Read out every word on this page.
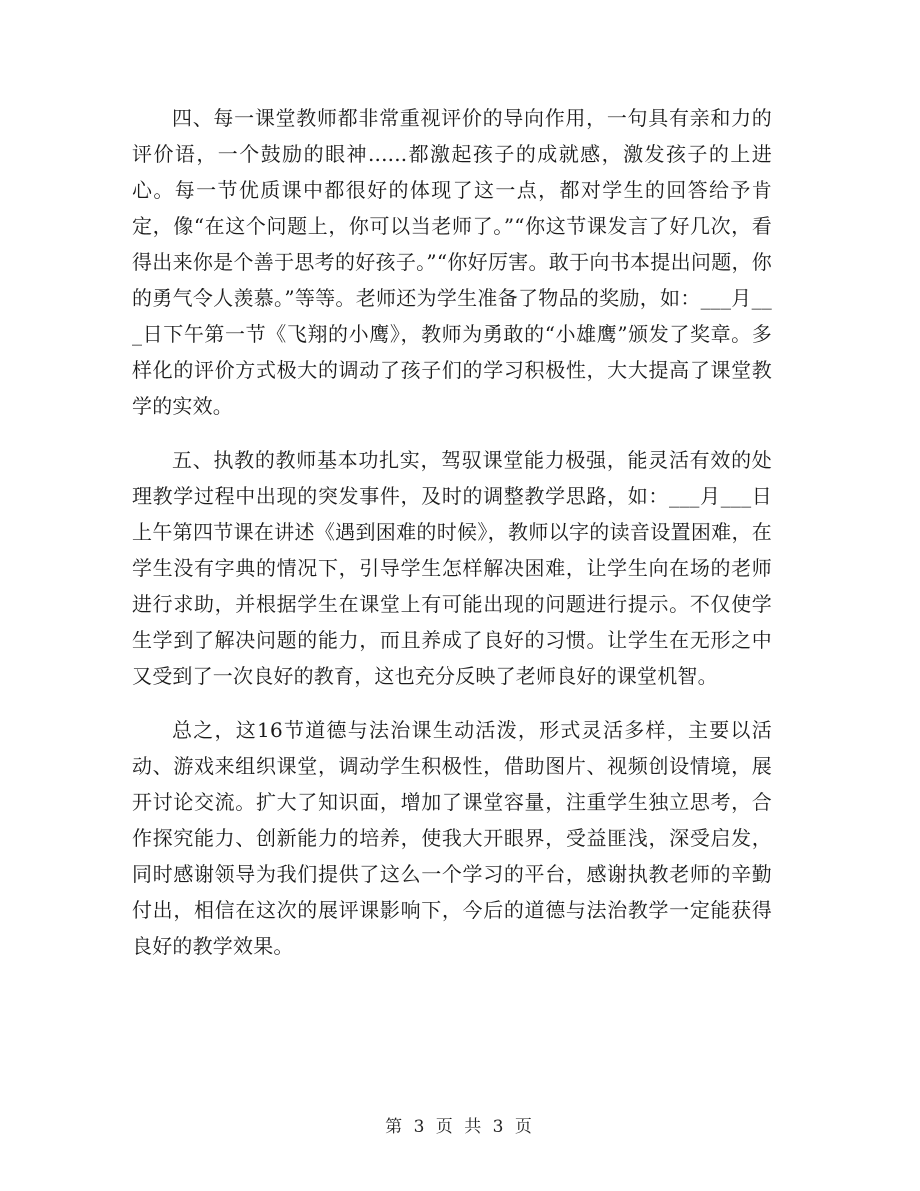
四、每一课堂教师都非常重视评价的导向作用，一句具有亲和力的评价语，一个鼓励的眼神......都激起孩子的成就感，激发孩子的上进心。每一节优质课中都很好的体现了这一点，都对学生的回答给予肯定，像“在这个问题上，你可以当老师了。”“你这节课发言了好几次，看得出来你是个善于思考的好孩子。”“你好厉害。敢于向书本提出问题，你的勇气令人羡慕。”等等。老师还为学生准备了物品的奖励，如：___月___日下午第一节《飞翔的小鹰》，教师为勇敢的“小雄鹰”颁发了奖章。多样化的评价方式极大的调动了孩子们的学习积极性，大大提高了课堂教学的实效。

五、执教的教师基本功扎实，驾驭课堂能力极强，能灵活有效的处理教学过程中出现的突发事件，及时的调整教学思路，如：___月___日上午第四节课在讲述《遇到困难的时候》，教师以字的读音设置困难，在学生没有字典的情况下，引导学生怎样解决困难，让学生向在场的老师进行求助，并根据学生在课堂上有可能出现的问题进行提示。不仅使学生学到了解决问题的能力，而且养成了良好的习惯。让学生在无形之中又受到了一次良好的教育，这也充分反映了老师良好的课堂机智。

总之，这16节道德与法治课生动活泼，形式灵活多样，主要以活动、游戏来组织课堂，调动学生积极性，借助图片、视频创设情境，展开讨论交流。扩大了知识面，增加了课堂容量，注重学生独立思考，合作探究能力、创新能力的培养，使我大开眼界，受益匪浅，深受启发，同时感谢领导为我们提供了这么一个学习的平台，感谢执教老师的辛勤付出，相信在这次的展评课影响下，今后的道德与法治教学一定能获得良好的教学效果。

第 3 页 共 3 页
